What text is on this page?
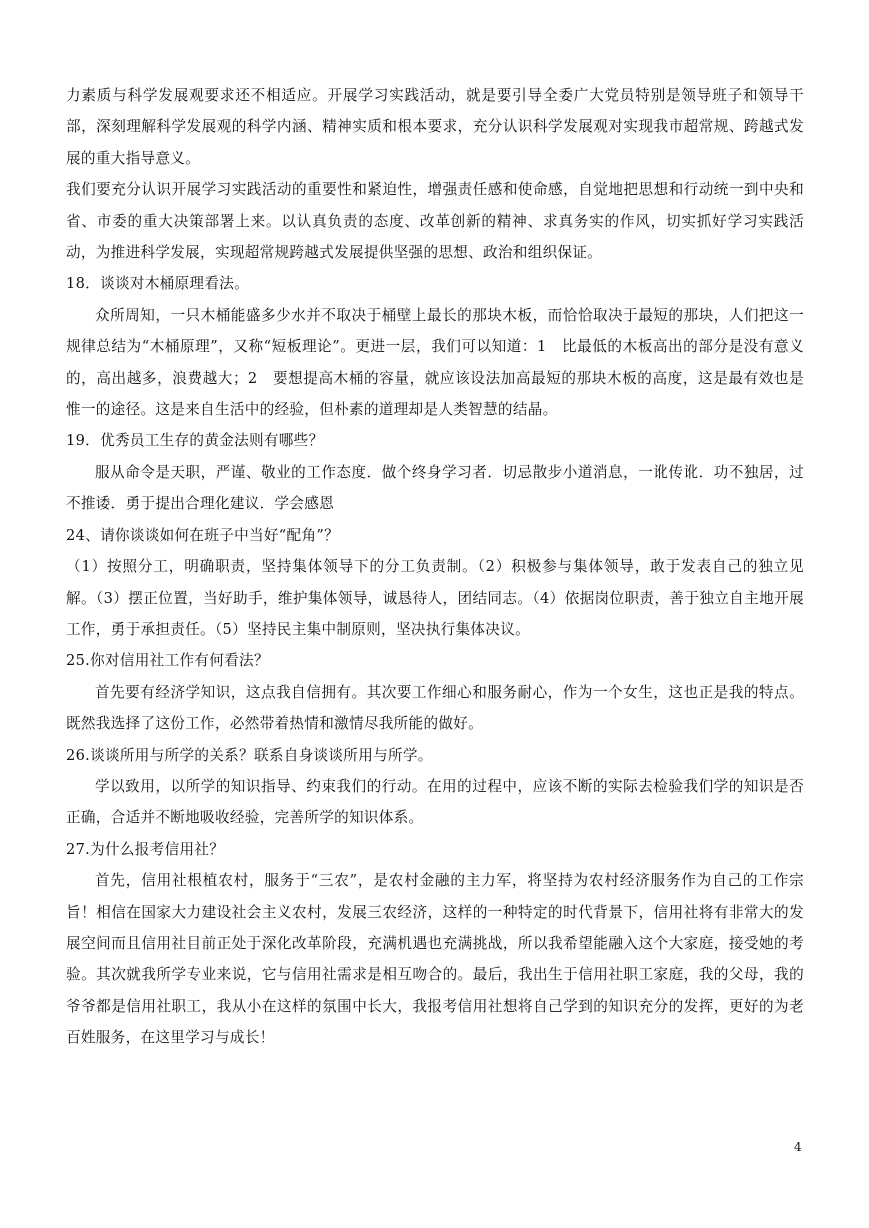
力素质与科学发展观要求还不相适应。开展学习实践活动，就是要引导全委广大党员特别是领导班子和领导干部，深刻理解科学发展观的科学内涵、精神实质和根本要求，充分认识科学发展观对实现我市超常规、跨越式发展的重大指导意义。

我们要充分认识开展学习实践活动的重要性和紧迫性，增强责任感和使命感，自觉地把思想和行动统一到中央和省、市委的重大决策部署上来。以认真负责的态度、改革创新的精神、求真务实的作风，切实抓好学习实践活动，为推进科学发展，实现超常规跨越式发展提供坚强的思想、政治和组织保证。

18．谈谈对木桶原理看法。

众所周知，一只木桶能盛多少水并不取决于桶壁上最长的那块木板，而恰恰取决于最短的那块，人们把这一规律总结为“木桶原理”，又称“短板理论”。更进一层，我们可以知道：1　比最低的木板高出的部分是没有意义的，高出越多，浪费越大；2　要想提高木桶的容量，就应该设法加高最短的那块木板的高度，这是最有效也是惟一的途径。这是来自生活中的经验，但朴素的道理却是人类智慧的结晶。

19．优秀员工生存的黄金法则有哪些？

服从命令是天职，严谨、敬业的工作态度．做个终身学习者．切忌散步小道消息，一讹传讹．功不独居，过不推诿．勇于提出合理化建议．学会感恩

24、请你谈谈如何在班子中当好“配角”？

（1）按照分工，明确职责，坚持集体领导下的分工负责制。（2）积极参与集体领导，敢于发表自己的独立见解。（3）摆正位置，当好助手，维护集体领导，诚恳待人，团结同志。（4）依据岗位职责，善于独立自主地开展工作，勇于承担责任。（5）坚持民主集中制原则，坚决执行集体决议。

25.你对信用社工作有何看法？

首先要有经济学知识，这点我自信拥有。其次要工作细心和服务耐心，作为一个女生，这也正是我的特点。既然我选择了这份工作，必然带着热情和激情尽我所能的做好。

26.谈谈所用与所学的关系？联系自身谈谈所用与所学。

学以致用，以所学的知识指导、约束我们的行动。在用的过程中，应该不断的实际去检验我们学的知识是否正确，合适并不断地吸收经验，完善所学的知识体系。

27.为什么报考信用社？

首先，信用社根植农村，服务于“三农”，是农村金融的主力军，将坚持为农村经济服务作为自己的工作宗旨！相信在国家大力建设社会主义农村，发展三农经济，这样的一种特定的时代背景下，信用社将有非常大的发展空间而且信用社目前正处于深化改革阶段，充满机遇也充满挑战，所以我希望能融入这个大家庭，接受她的考验。其次就我所学专业来说，它与信用社需求是相互吻合的。最后，我出生于信用社职工家庭，我的父母，我的爷爷都是信用社职工，我从小在这样的氛围中长大，我报考信用社想将自己学到的知识充分的发挥，更好的为老百姓服务，在这里学习与成长！

4
